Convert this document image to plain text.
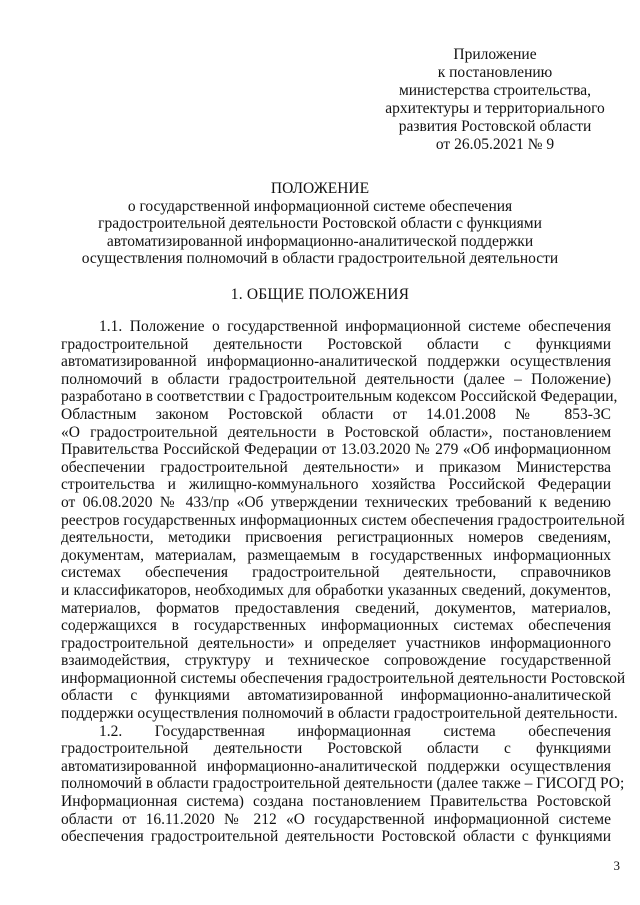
Приложение
к постановлению
министерства строительства,
архитектуры и территориального
развития Ростовской области
от 26.05.2021 № 9
ПОЛОЖЕНИЕ
о государственной информационной системе обеспечения
градостроительной деятельности Ростовской области с функциями
автоматизированной информационно-аналитической поддержки
осуществления полномочий в области градостроительной деятельности
1. ОБЩИЕ ПОЛОЖЕНИЯ
1.1. Положение о государственной информационной системе обеспечения
градостроительной деятельности Ростовской области с функциями
автоматизированной информационно-аналитической поддержки осуществления
полномочий в области градостроительной деятельности (далее – Положение)
разработано в соответствии с Градостроительным кодексом Российской Федерации,
Областным законом Ростовской области от 14.01.2008 № 853-ЗС
«О градостроительной деятельности в Ростовской области», постановлением
Правительства Российской Федерации от 13.03.2020 № 279 «Об информационном
обеспечении градостроительной деятельности» и приказом Министерства
строительства и жилищно-коммунального хозяйства Российской Федерации
от 06.08.2020 № 433/пр «Об утверждении технических требований к ведению
реестров государственных информационных систем обеспечения градостроительной
деятельности, методики присвоения регистрационных номеров сведениям,
документам, материалам, размещаемым в государственных информационных
системах обеспечения градостроительной деятельности, справочников
и классификаторов, необходимых для обработки указанных сведений, документов,
материалов, форматов предоставления сведений, документов, материалов,
содержащихся в государственных информационных системах обеспечения
градостроительной деятельности» и определяет участников информационного
взаимодействия, структуру и техническое сопровождение государственной
информационной системы обеспечения градостроительной деятельности Ростовской
области с функциями автоматизированной информационно-аналитической
поддержки осуществления полномочий в области градостроительной деятельности.
1.2. Государственная информационная система обеспечения
градостроительной деятельности Ростовской области с функциями
автоматизированной информационно-аналитической поддержки осуществления
полномочий в области градостроительной деятельности (далее также – ГИСОГД РО;
Информационная система) создана постановлением Правительства Ростовской
области от 16.11.2020 № 212 «О государственной информационной системе
обеспечения градостроительной деятельности Ростовской области с функциями
3
